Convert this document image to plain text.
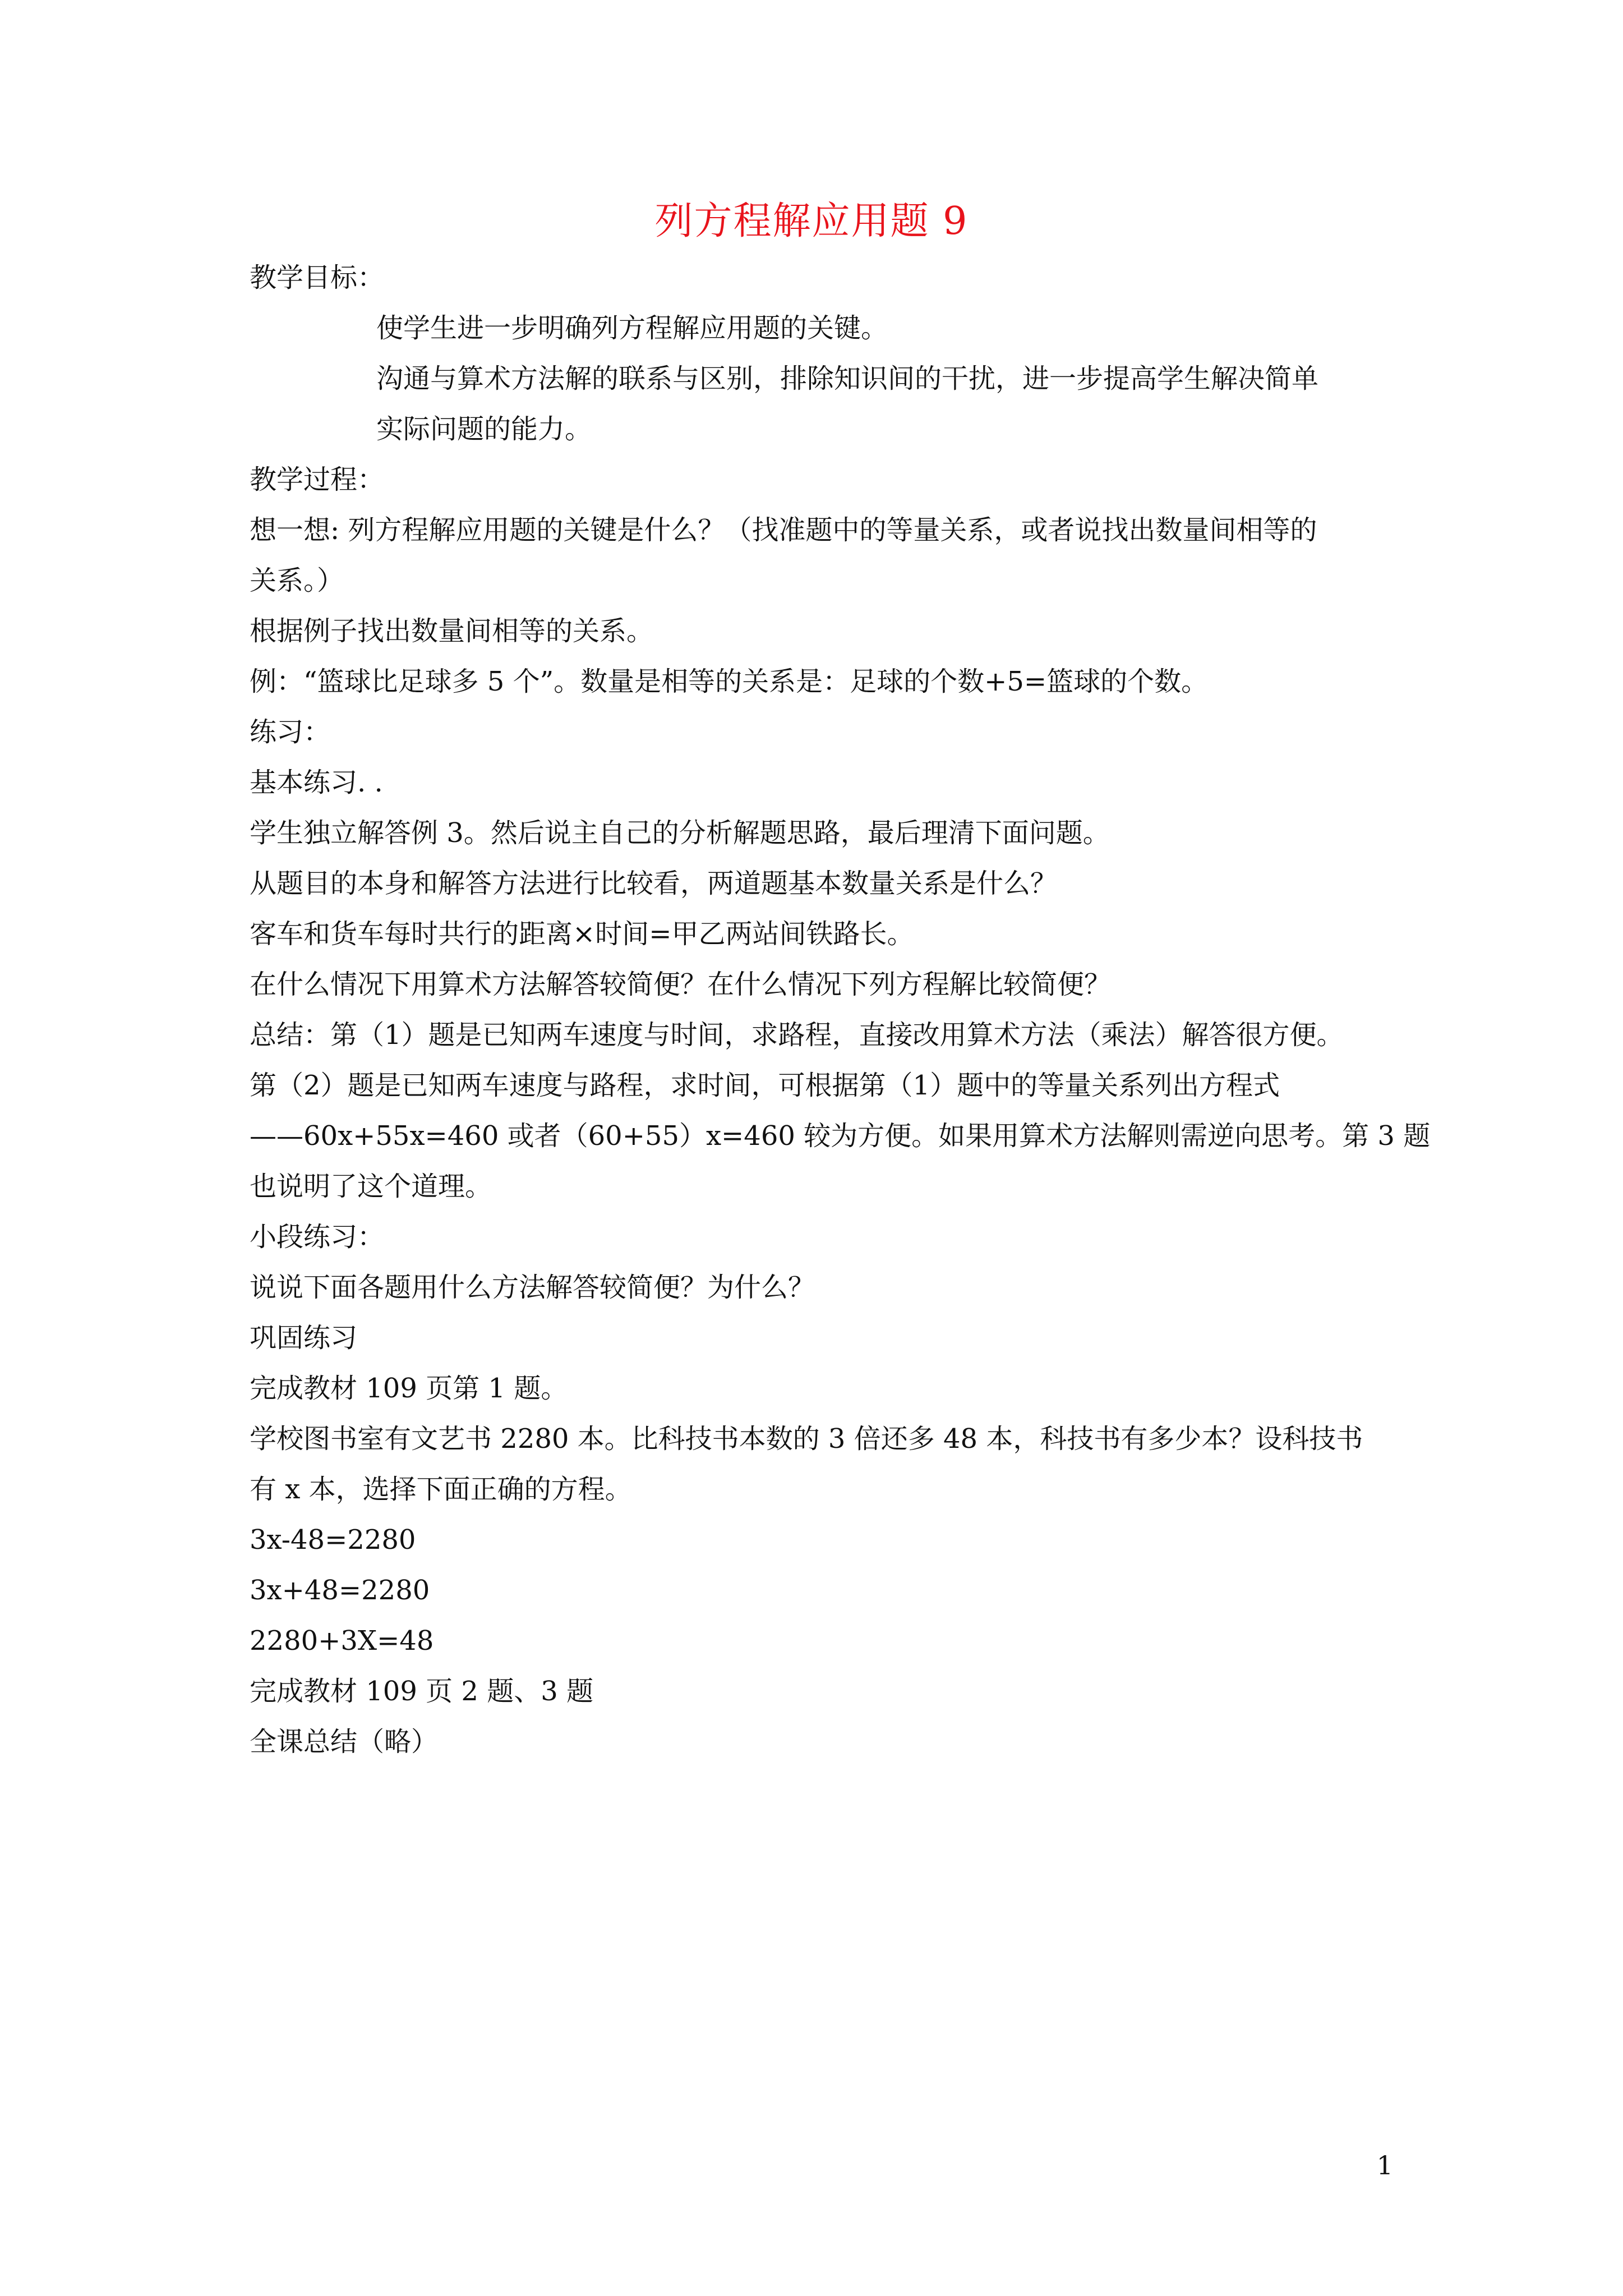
列方程解应用题 9

教学目标：

使学生进一步明确列方程解应用题的关键。

沟通与算术方法解的联系与区别，排除知识间的干扰，进一步提高学生解决简单

实际问题的能力。

教学过程：

想一想: 列方程解应用题的关键是什么？（找准题中的等量关系，或者说找出数量间相等的

关系。）

根据例子找出数量间相等的关系。

例：“篮球比足球多 5 个”。数量是相等的关系是：足球的个数+5=篮球的个数。

练习：

基本练习. .

学生独立解答例 3。然后说主自己的分析解题思路，最后理清下面问题。

从题目的本身和解答方法进行比较看，两道题基本数量关系是什么？

客车和货车每时共行的距离×时间=甲乙两站间铁路长。

在什么情况下用算术方法解答较简便？在什么情况下列方程解比较简便？

总结：第（1）题是已知两车速度与时间，求路程，直接改用算术方法（乘法）解答很方便。

第（2）题是已知两车速度与路程，求时间，可根据第（1）题中的等量关系列出方程式

——60x+55x=460 或者（60+55）x=460 较为方便。如果用算术方法解则需逆向思考。第 3 题

也说明了这个道理。

小段练习：

说说下面各题用什么方法解答较简便？为什么？

巩固练习

完成教材 109 页第 1 题。

学校图书室有文艺书 2280 本。比科技书本数的 3 倍还多 48 本，科技书有多少本？设科技书

有 x 本，选择下面正确的方程。

3x-48=2280

3x+48=2280

2280+3X=48

完成教材 109 页 2 题、3 题

全课总结（略）

1
